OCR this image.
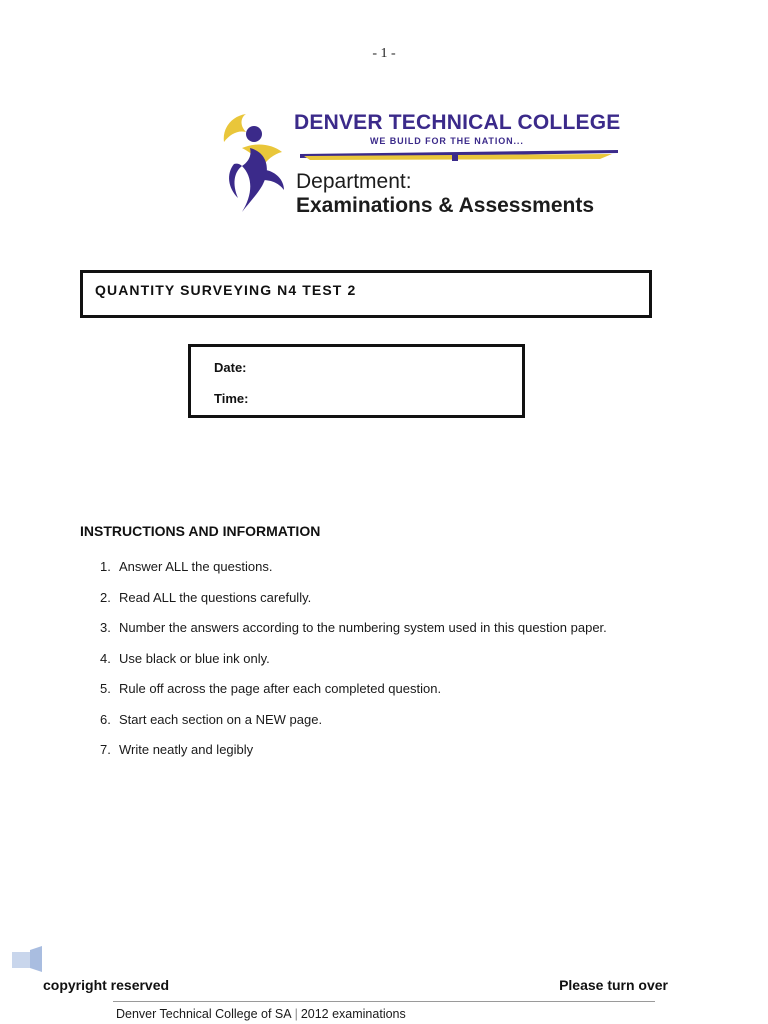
- 1 -
DENVER TECHNICAL COLLEGE
WE BUILD FOR THE NATION...
Department:
Examinations & Assessments
QUANTITY SURVEYING N4 TEST 2
Date:
Time:
INSTRUCTIONS AND INFORMATION
1. Answer ALL the questions.
2. Read ALL the questions carefully.
3. Number the answers according to the numbering system used in this question paper.
4. Use black or blue ink only.
5. Rule off across the page after each completed question.
6. Start each section on a NEW page.
7. Write neatly and legibly
copyright reserved	Please turn over
Denver Technical College of SA | 2012 examinations
